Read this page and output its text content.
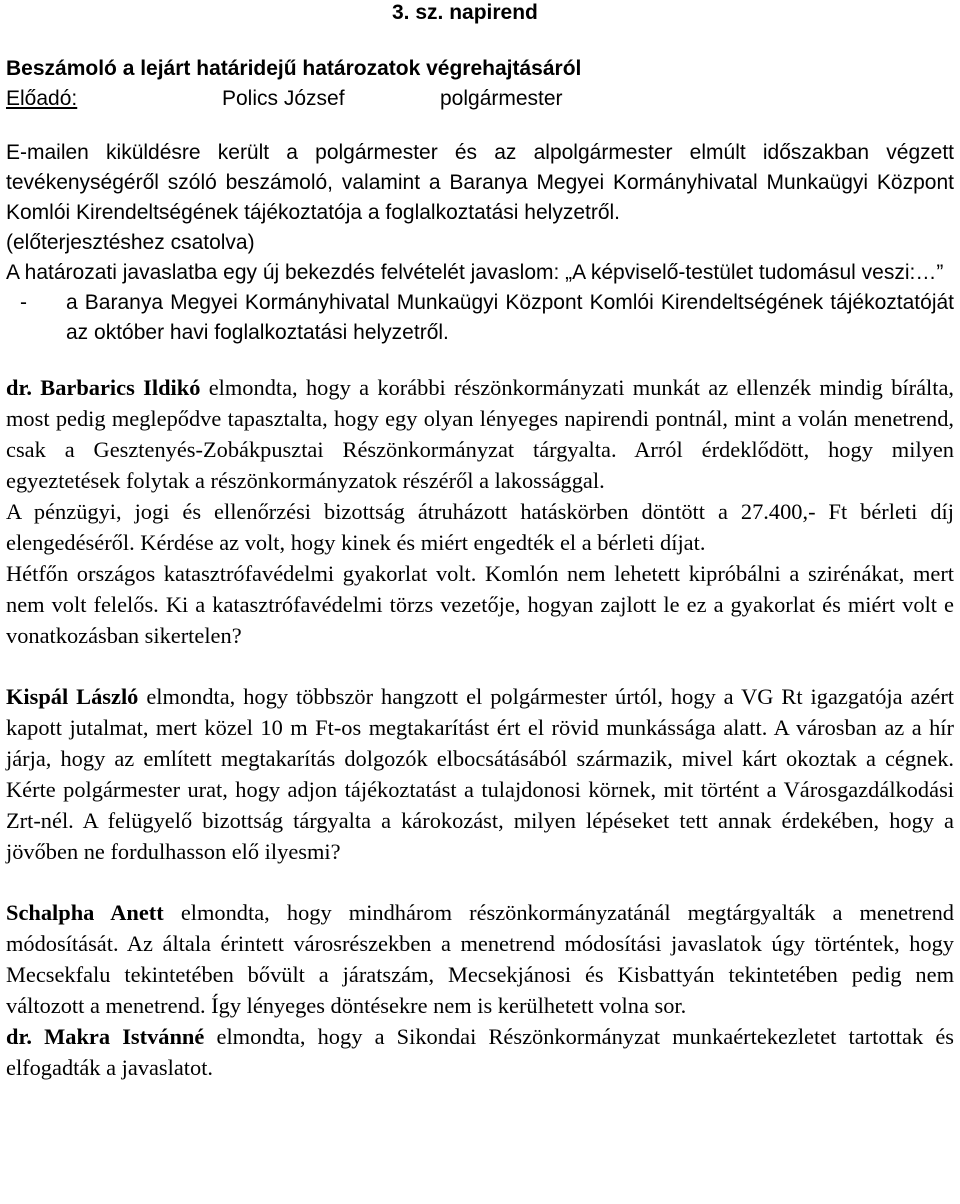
3. sz. napirend
Beszámoló a lejárt határidejű határozatok végrehajtásáról
Előadó:	Polics József	polgármester

E-mailen kiküldésre került a polgármester és az alpolgármester elmúlt időszakban végzett tevékenységéről szóló beszámoló, valamint a Baranya Megyei Kormányhivatal Munkaügyi Központ Komlói Kirendeltségének tájékoztatója a foglalkoztatási helyzetről.

(előterjesztéshez csatolva)

A határozati javaslatba egy új bekezdés felvételét javaslom: „A képviselő-testület tudomásul veszi:…”

- a Baranya Megyei Kormányhivatal Munkaügyi Központ Komlói Kirendeltségének tájékoztatóját az október havi foglalkoztatási helyzetről.

dr. Barbarics Ildikó elmondta, hogy a korábbi részönkormányzati munkát az ellenzék mindig bírálta, most pedig meglepődve tapasztalta, hogy egy olyan lényeges napirendi pontnál, mint a volán menetrend, csak a Gesztenyés-Zobákpusztai Részönkormányzat tárgyalta. Arról érdeklődött, hogy milyen egyeztetések folytak a részönkormányzatok részéről a lakossággal.

A pénzügyi, jogi és ellenőrzési bizottság átruházott hatáskörben döntött a 27.400,- Ft bérleti díj elengedéséről. Kérdése az volt, hogy kinek és miért engedték el a bérleti díjat.

Hétfőn országos katasztrófavédelmi gyakorlat volt. Komlón nem lehetett kipróbálni a szirénákat, mert nem volt felelős. Ki a katasztrófavédelmi törzs vezetője, hogyan zajlott le ez a gyakorlat és miért volt e vonatkozásban sikertelen?

Kispál László elmondta, hogy többször hangzott el polgármester úrtól, hogy a VG Rt igazgatója azért kapott jutalmat, mert közel 10 m Ft-os megtakarítást ért el rövid munkássága alatt. A városban az a hír járja, hogy az említett megtakarítás dolgozók elbocsátásából származik, mivel kárt okoztak a cégnek. Kérte polgármester urat, hogy adjon tájékoztatást a tulajdonosi körnek, mit történt a Városgazdálkodási Zrt-nél. A felügyelő bizottság tárgyalta a károkozást, milyen lépéseket tett annak érdekében, hogy a jövőben ne fordulhasson elő ilyesmi?

Schalpha Anett elmondta, hogy mindhárom részönkormányzatánál megtárgyalták a menetrend módosítását. Az általa érintett városrészekben a menetrend módosítási javaslatok úgy történtek, hogy Mecsekfalu tekintetében bővült a járatszám, Mecsekjánosi és Kisbattyán tekintetében pedig nem változott a menetrend. Így lényeges döntésekre nem is kerülhetett volna sor.

dr. Makra Istvánné elmondta, hogy a Sikondai Részönkormányzat munkaértekezletet tartottak és elfogadták a javaslatot.
